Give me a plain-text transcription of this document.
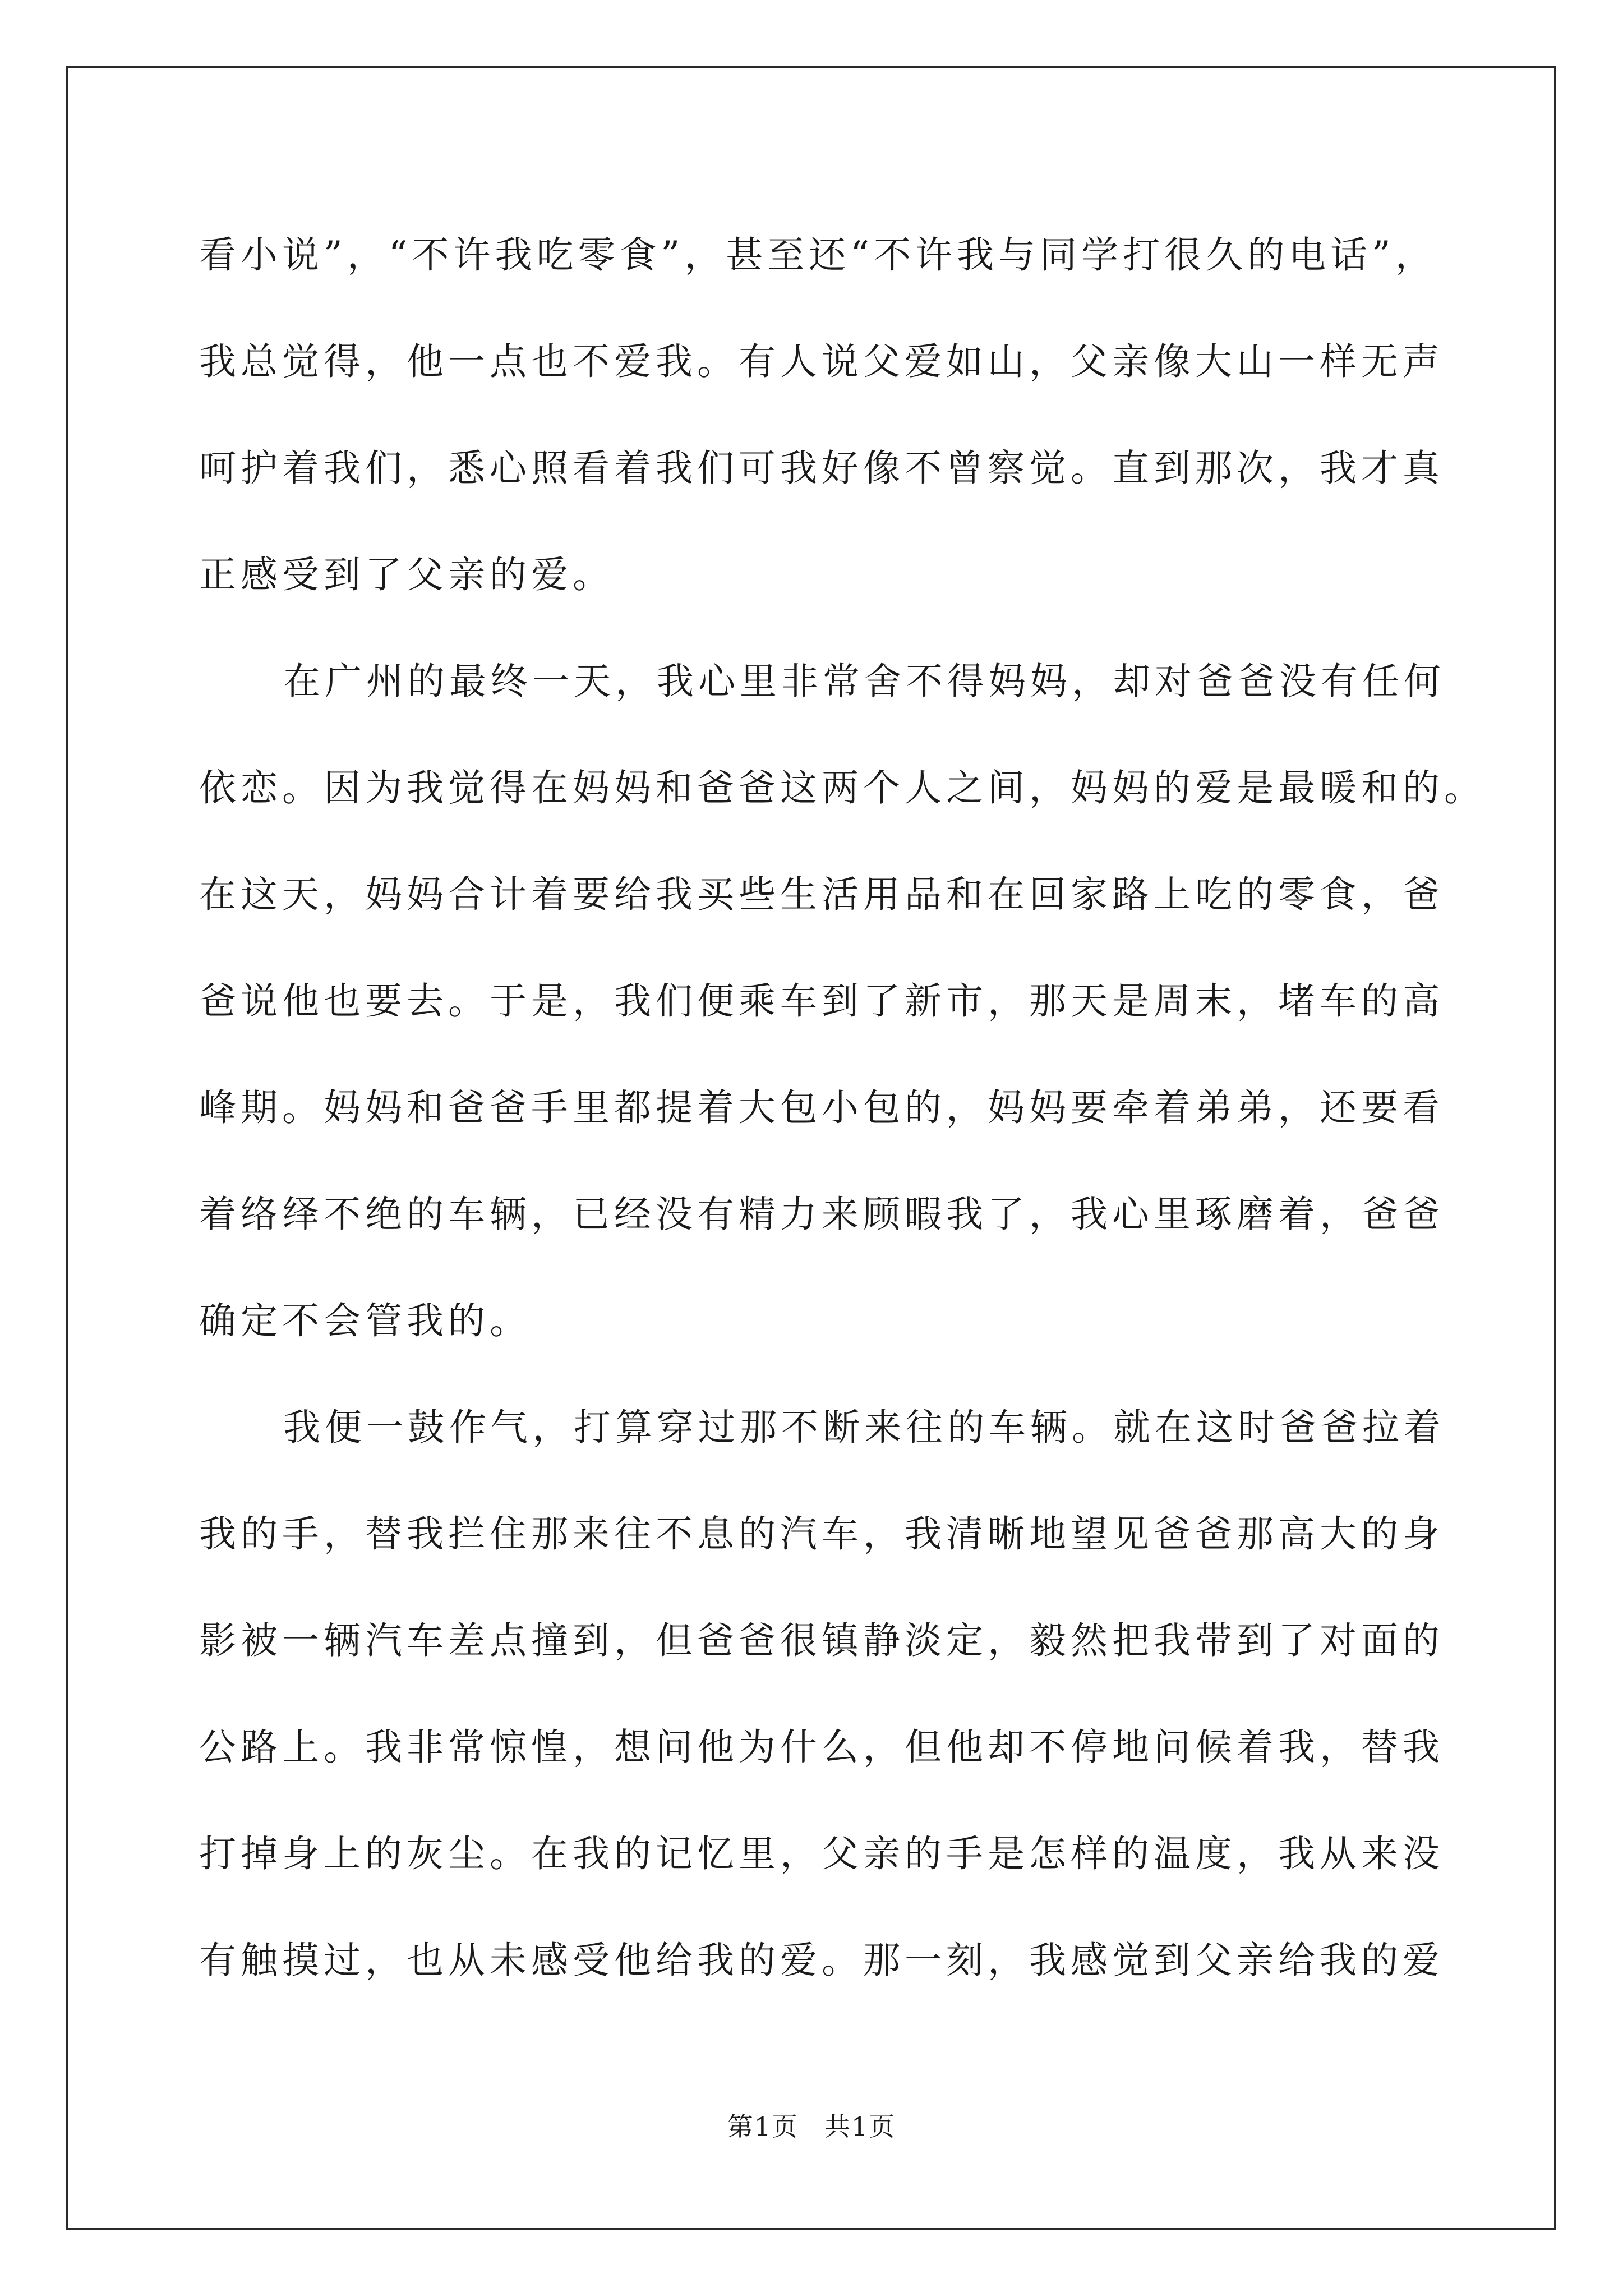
看小说”，“不许我吃零食”，甚至还“不许我与同学打很久的电话”，
我总觉得，他一点也不爱我。有人说父爱如山，父亲像大山一样无声
呵护着我们，悉心照看着我们可我好像不曾察觉。直到那次，我才真
正感受到了父亲的爱。
在广州的最终一天，我心里非常舍不得妈妈，却对爸爸没有任何
依恋。因为我觉得在妈妈和爸爸这两个人之间，妈妈的爱是最暖和的。
在这天，妈妈合计着要给我买些生活用品和在回家路上吃的零食，爸
爸说他也要去。于是，我们便乘车到了新市，那天是周末，堵车的高
峰期。妈妈和爸爸手里都提着大包小包的，妈妈要牵着弟弟，还要看
着络绎不绝的车辆，已经没有精力来顾暇我了，我心里琢磨着，爸爸
确定不会管我的。
我便一鼓作气，打算穿过那不断来往的车辆。就在这时爸爸拉着
我的手，替我拦住那来往不息的汽车，我清晰地望见爸爸那高大的身
影被一辆汽车差点撞到，但爸爸很镇静淡定，毅然把我带到了对面的
公路上。我非常惊惶，想问他为什么，但他却不停地问候着我，替我
打掉身上的灰尘。在我的记忆里，父亲的手是怎样的温度，我从来没
有触摸过，也从未感受他给我的爱。那一刻，我感觉到父亲给我的爱
第1页 共1页
